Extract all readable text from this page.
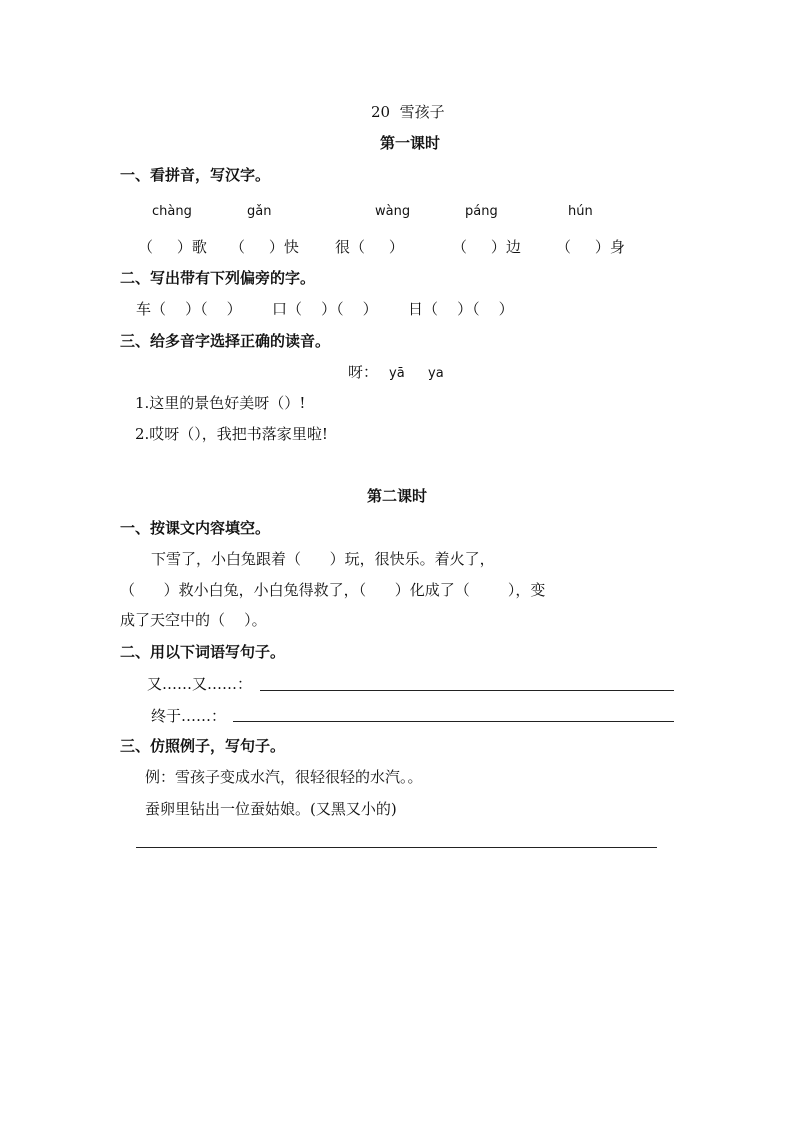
20  雪孩子
第一课时
一、看拼音，写汉字。
chàng	gǎn	wàng	páng	hún
（     ）歌 （     ）快 很（     ）	（     ）边 （     ）身
二、写出带有下列偏旁的字。
车（    ）（    ） 口（    ）（    ） 日（    ）（    ）
三、给多音字选择正确的读音。
呀： yā ya
1.这里的景色好美呀（）!
2.哎呀（），我把书落家里啦!
第二课时
一、按课文内容填空。
下雪了，小白兔跟着（      ）玩，很快乐。着火了，
（      ）救小白兔，小白兔得救了，（      ）化成了（        ），变
成了天空中的（    ）。
二、用以下词语写句子。
又……又……：
终于……：
三、仿照例子，写句子。
例：雪孩子变成水汽，很轻很轻的水汽。。
蚕卵里钻出一位蚕姑娘。(又黑又小的)
